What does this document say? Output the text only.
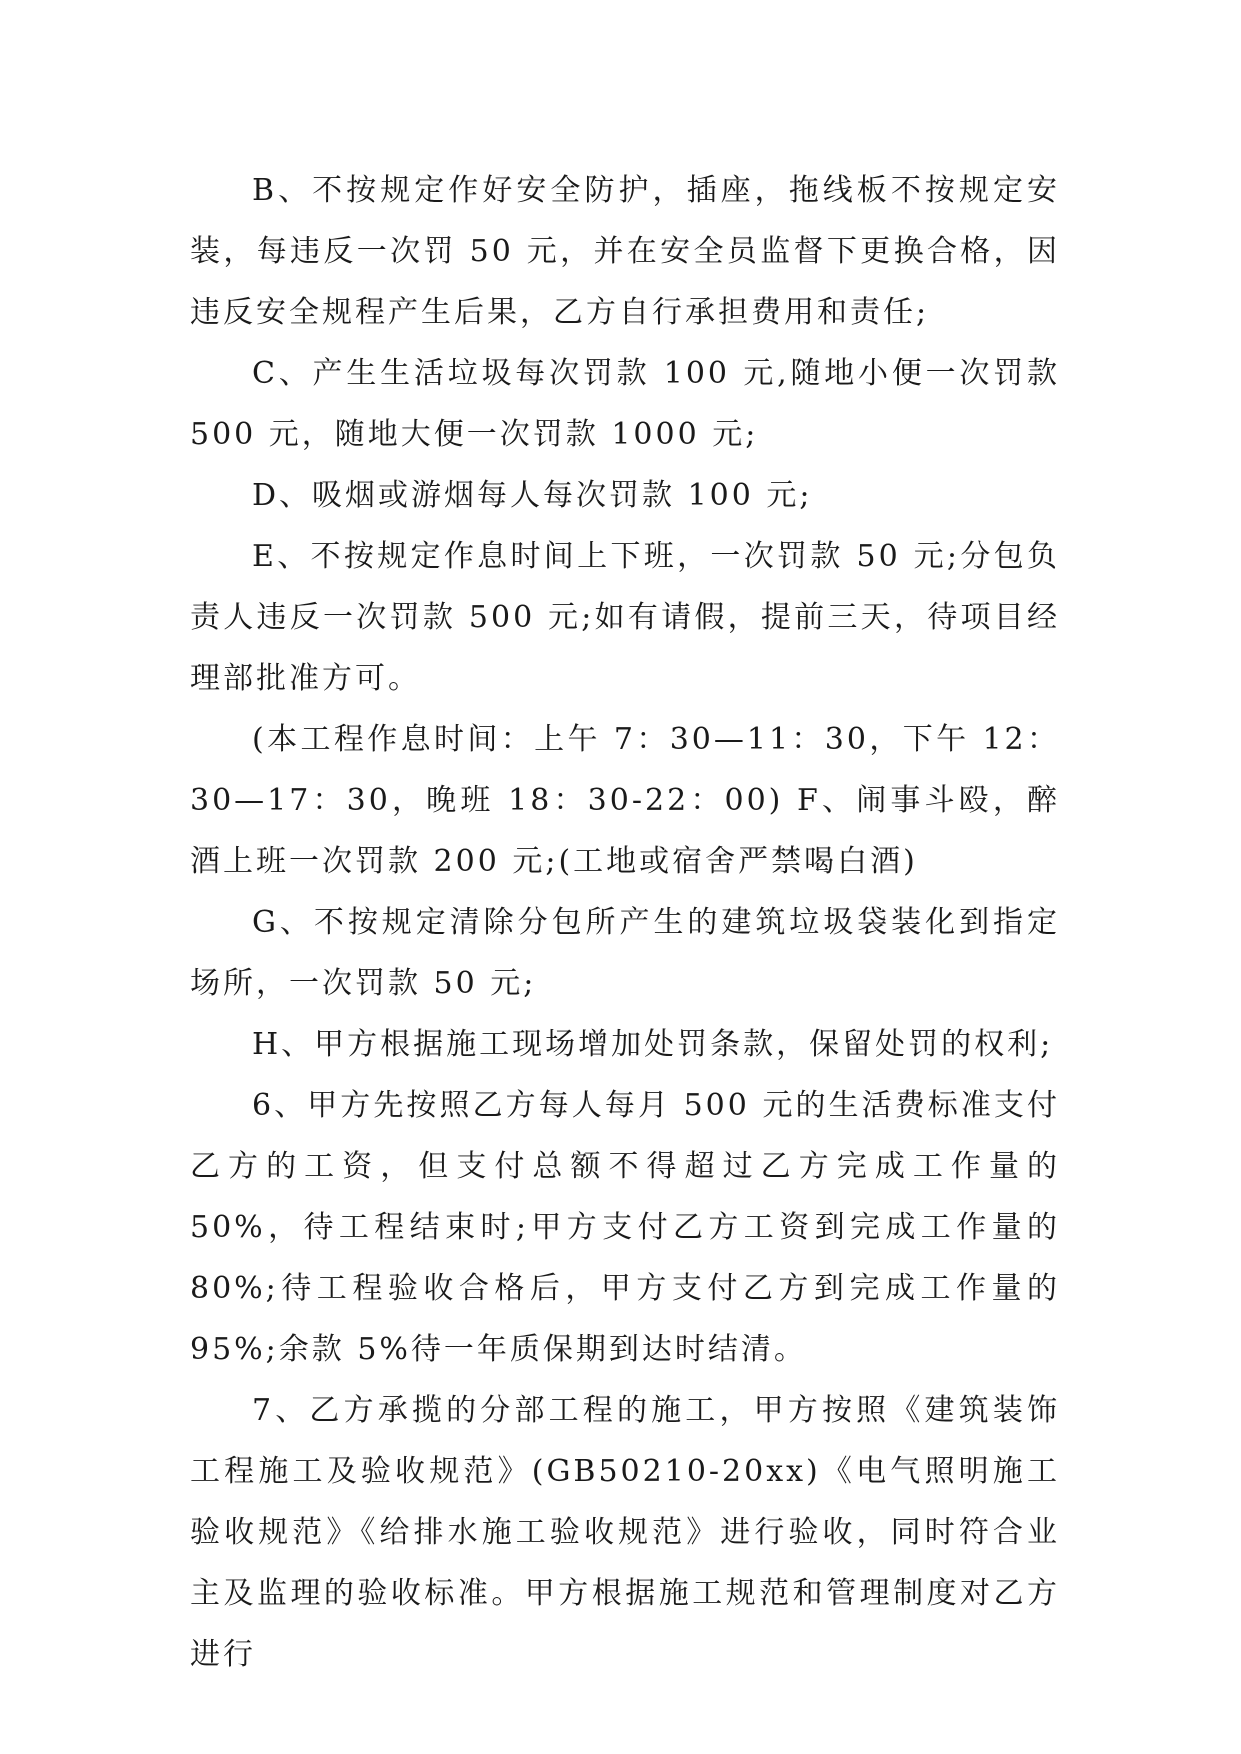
B、不按规定作好安全防护，插座，拖线板不按规定安装，每违反一次罚 50 元，并在安全员监督下更换合格，因违反安全规程产生后果，乙方自行承担费用和责任;

C、产生生活垃圾每次罚款 100 元,随地小便一次罚款 500 元，随地大便一次罚款 1000 元;

D、吸烟或游烟每人每次罚款 100 元;

E、不按规定作息时间上下班，一次罚款 50 元;分包负责人违反一次罚款 500 元;如有请假，提前三天，待项目经理部批准方可。

(本工程作息时间：上午 7：30—11：30，下午 12：30—17：30，晚班 18：30-22：00) F、闹事斗殴，醉酒上班一次罚款 200 元;(工地或宿舍严禁喝白酒)

G、不按规定清除分包所产生的建筑垃圾袋装化到指定场所，一次罚款 50 元;

H、甲方根据施工现场增加处罚条款，保留处罚的权利;

6、甲方先按照乙方每人每月 500 元的生活费标准支付乙方的工资，但支付总额不得超过乙方完成工作量的 50%，待工程结束时;甲方支付乙方工资到完成工作量的 80%;待工程验收合格后，甲方支付乙方到完成工作量的 95%;余款 5%待一年质保期到达时结清。

7、乙方承揽的分部工程的施工，甲方按照《建筑装饰工程施工及验收规范》(GB50210-20xx)《电气照明施工验收规范》《给排水施工验收规范》进行验收，同时符合业主及监理的验收标准。甲方根据施工规范和管理制度对乙方进行
